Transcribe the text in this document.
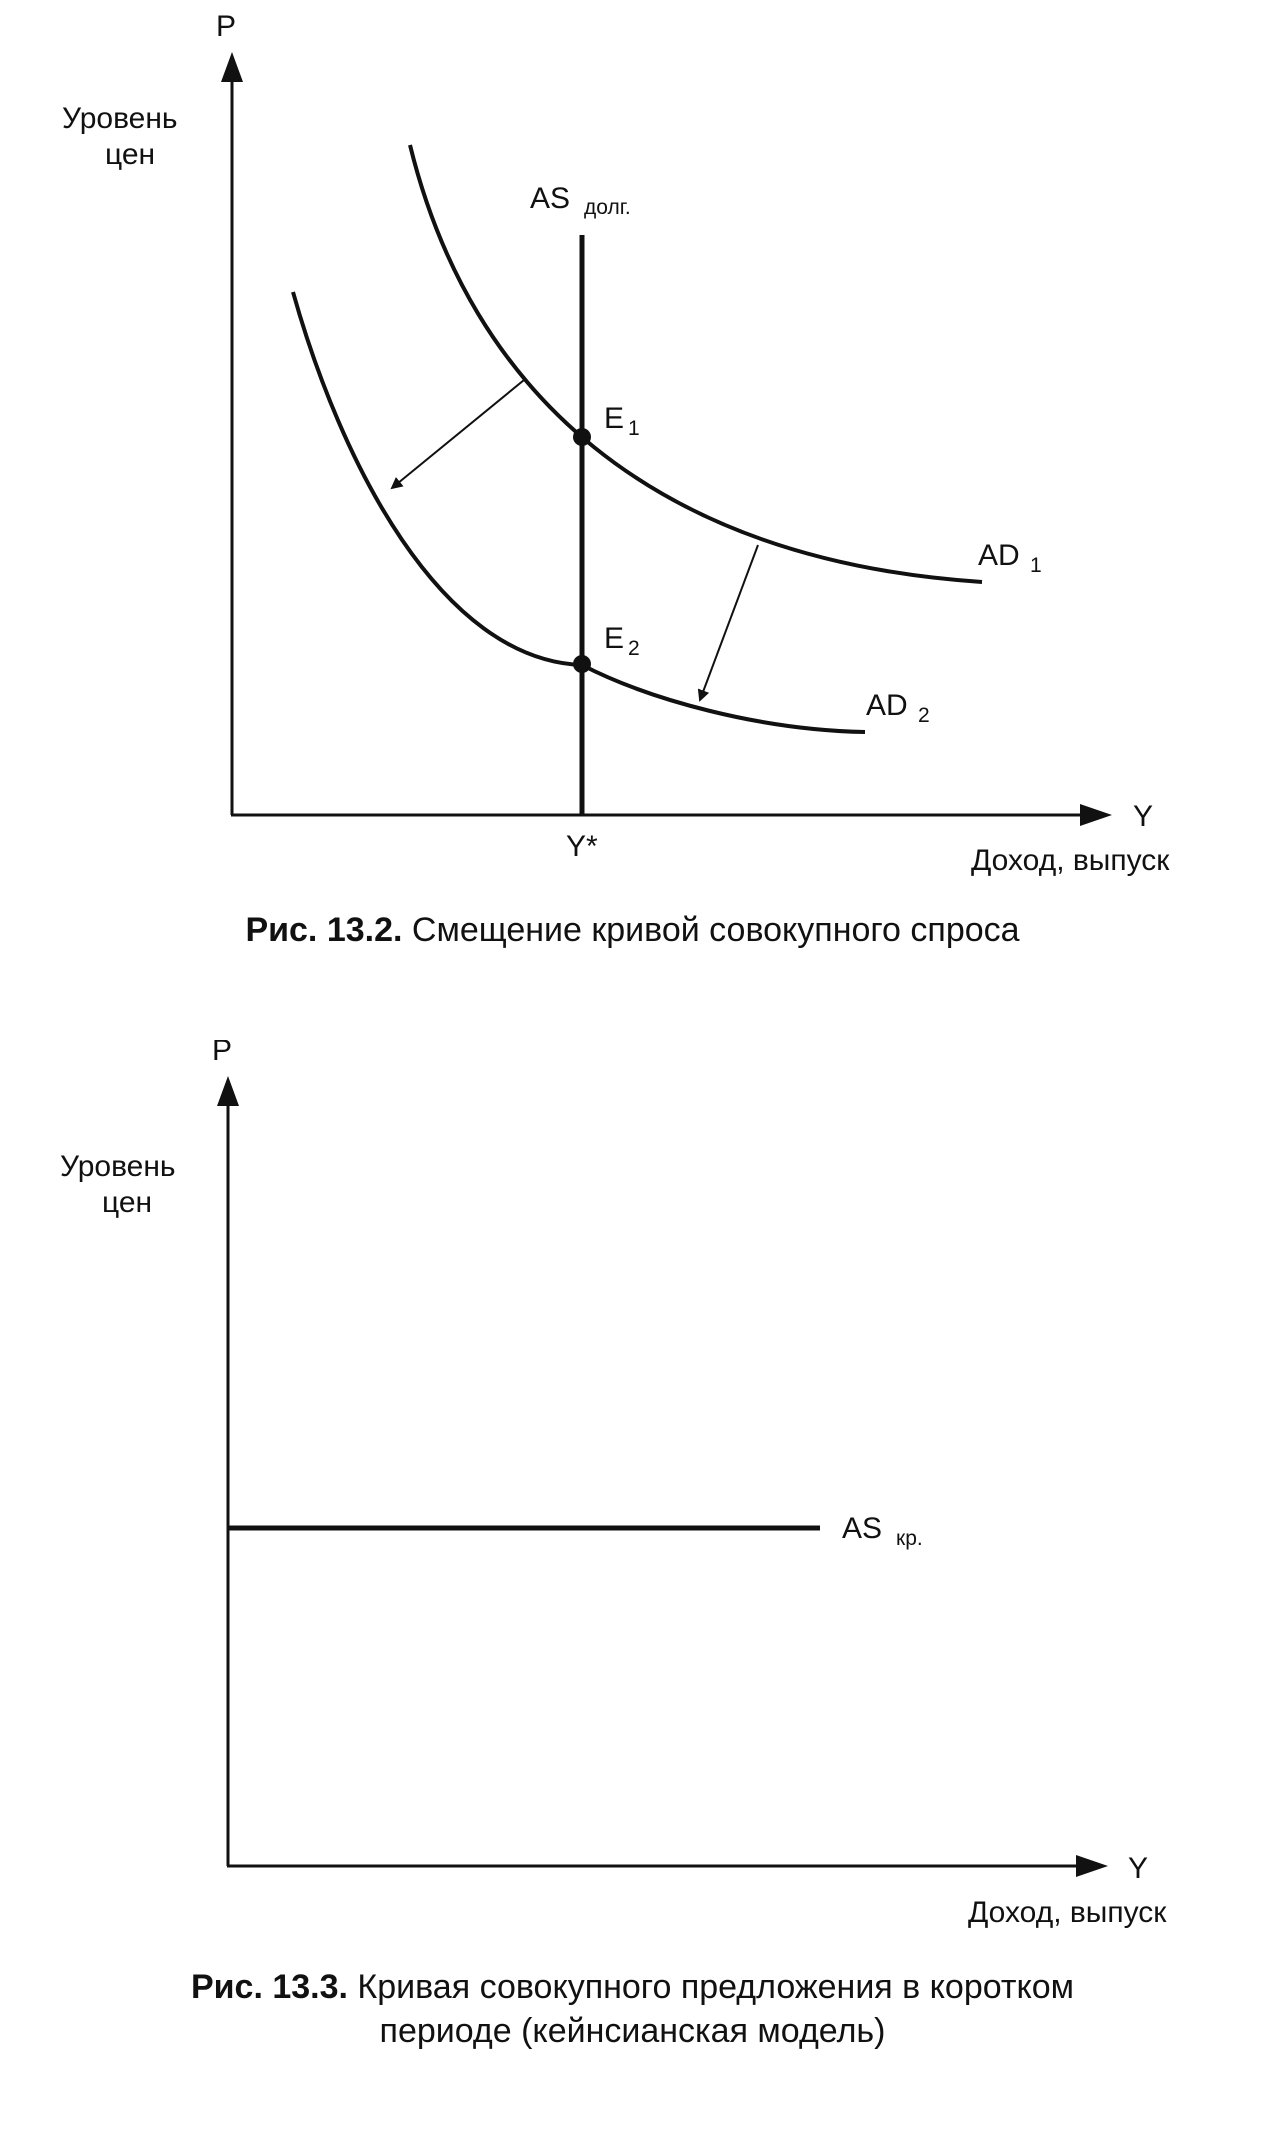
P
Уровень
цен
AS долг.
E 1
E 2
AD 1
AD 2
Y
Y*	Доход, выпуск
Рис. 13.2. Смещение кривой совокупного спроса
P
Уровень
цен
AS кр.
Y
Доход, выпуск
Рис. 13.3. Кривая совокупного предложения в коротком
периоде (кейнсианская модель)
